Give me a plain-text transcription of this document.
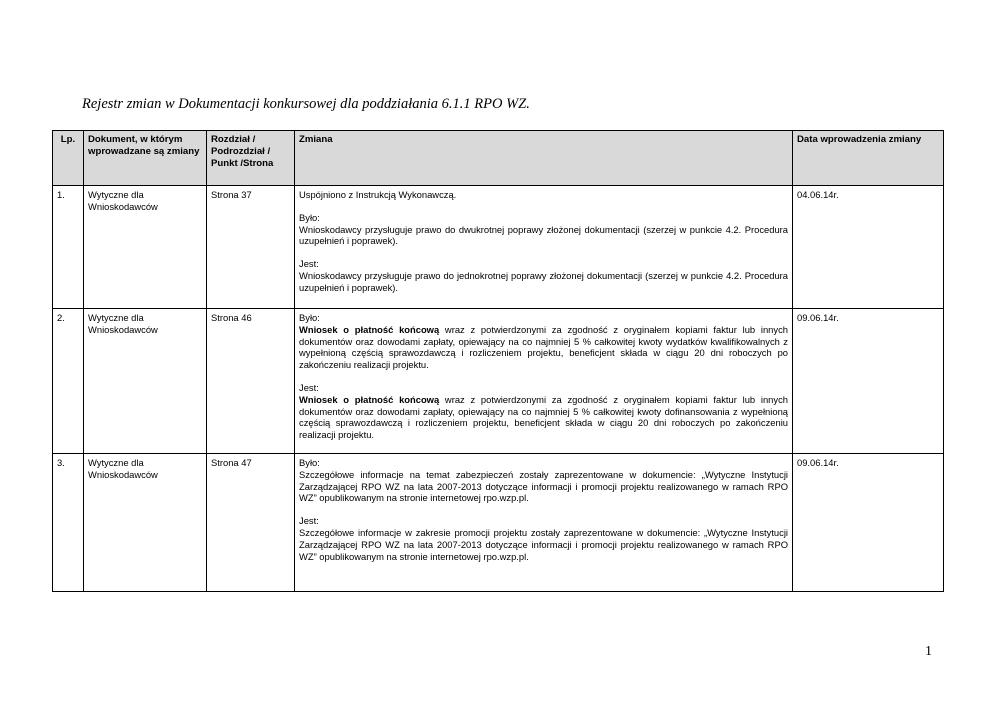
Rejestr zmian w Dokumentacji konkursowej dla poddziałania 6.1.1 RPO WZ.
Lp.	Dokument, w którym wprowadzane są zmiany	Rozdział / Podrozdział / Punkt /Strona	Zmiana	Data wprowadzenia zmiany
1.	Wytyczne dla Wnioskodawców	Strona 37	Uspójniono z Instrukcją Wykonawczą.
Było:
Wnioskodawcy przysługuje prawo do dwukrotnej poprawy złożonej dokumentacji (szerzej w punkcie 4.2. Procedura uzupełnień i poprawek).
Jest:
Wnioskodawcy przysługuje prawo do jednokrotnej poprawy złożonej dokumentacji (szerzej w punkcie 4.2. Procedura uzupełnień i poprawek).	04.06.14r.
2.	Wytyczne dla Wnioskodawców	Strona 46	Było:
Wniosek o płatność końcową wraz z potwierdzonymi za zgodność z oryginałem kopiami faktur lub innych dokumentów oraz dowodami zapłaty, opiewający na co najmniej 5 % całkowitej kwoty wydatków kwalifikowalnych z wypełnioną częścią sprawozdawczą i rozliczeniem projektu, beneficjent składa w ciągu 20 dni roboczych po zakończeniu realizacji projektu.
Jest:
Wniosek o płatność końcową wraz z potwierdzonymi za zgodność z oryginałem kopiami faktur lub innych dokumentów oraz dowodami zapłaty, opiewający na co najmniej 5 % całkowitej kwoty dofinansowania z wypełnioną częścią sprawozdawczą i rozliczeniem projektu, beneficjent składa w ciągu 20 dni roboczych po zakończeniu realizacji projektu.	09.06.14r.
3.	Wytyczne dla Wnioskodawców	Strona 47	Było:
Szczegółowe informacje na temat zabezpieczeń zostały zaprezentowane w dokumencie: „Wytyczne Instytucji Zarządzającej RPO WZ na lata 2007-2013 dotyczące informacji i promocji projektu realizowanego w ramach RPO WZ” opublikowanym na stronie internetowej rpo.wzp.pl.
Jest:
Szczegółowe informacje w zakresie promocji projektu zostały zaprezentowane w dokumencie: „Wytyczne Instytucji Zarządzającej RPO WZ na lata 2007-2013 dotyczące informacji i promocji projektu realizowanego w ramach RPO WZ” opublikowanym na stronie internetowej rpo.wzp.pl.	09.06.14r.
1
